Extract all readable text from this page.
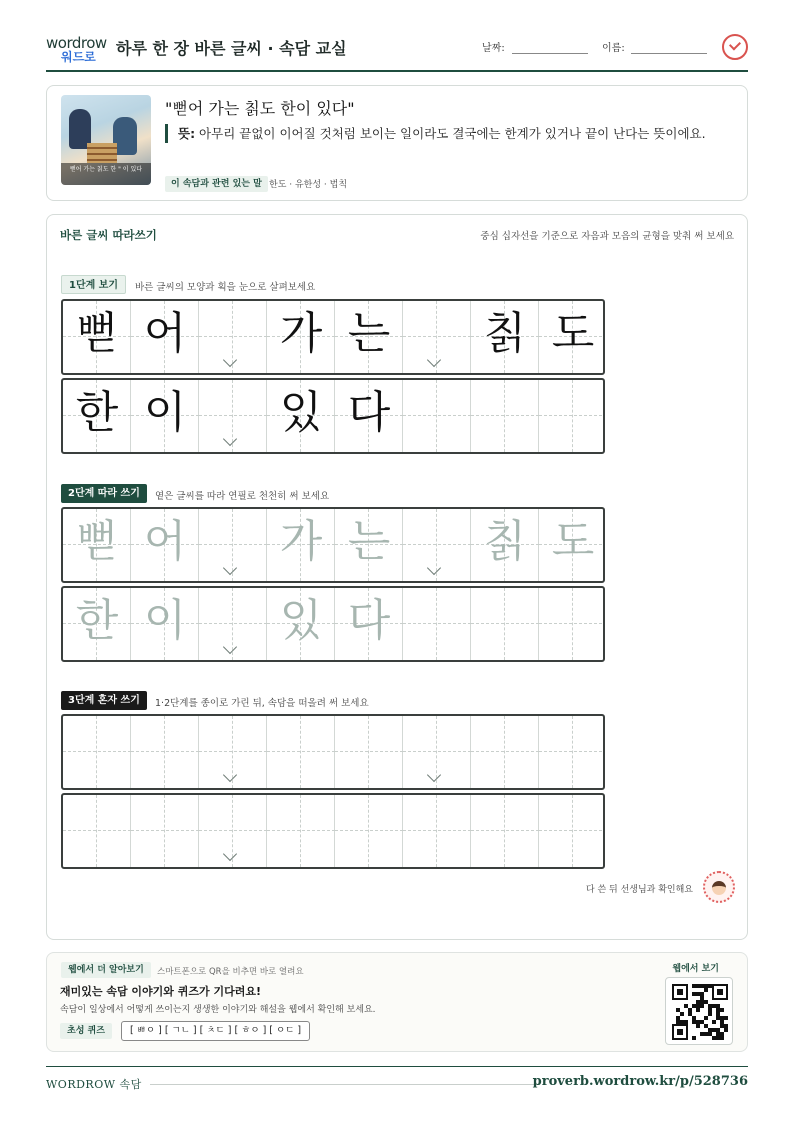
wordrow
워드로 하루 한 장 바른 글씨 · 속담 교실	날짜:	이름:
뻗어 가는 칡도 한 " 이 있다
"뻗어 가는 칡도 한이 있다"
뜻: 아무리 끝없이 이어질 것처럼 보이는 일이라도 결국에는 한계가 있거나 끝이 난다는 뜻이에요.
이 속담과 관련 있는 말 한도 · 유한성 · 법칙
바른 글씨 따라쓰기	중심 십자선을 기준으로 자음과 모음의 균형을 맞춰 써 보세요
1단계 보기	바른 글씨의 모양과 획을 눈으로 살펴보세요
뻗 어 가 는 칡 도
한 이 있 다
2단계 따라 쓰기	옅은 글씨를 따라 연필로 천천히 써 보세요
뻗 어 가 는 칡 도
한 이 있 다
3단계 혼자 쓰기	1·2단계를 종이로 가린 뒤, 속담을 떠올려 써 보세요
다 쓴 뒤 선생님과 확인해요
웹에서 더 알아보기	스마트폰으로 QR을 비추면 바로 열려요
재미있는 속담 이야기와 퀴즈가 기다려요!
속담이 일상에서 어떻게 쓰이는지 생생한 이야기와 해설을 웹에서 확인해 보세요.
초성 퀴즈	[ ㅃㅇ ] [ ㄱㄴ ] [ ㅊㄷ ] [ ㅎㅇ ] [ ㅇㄷ ]
웹에서 보기
WORDROW 속담	proverb.wordrow.kr/p/528736
